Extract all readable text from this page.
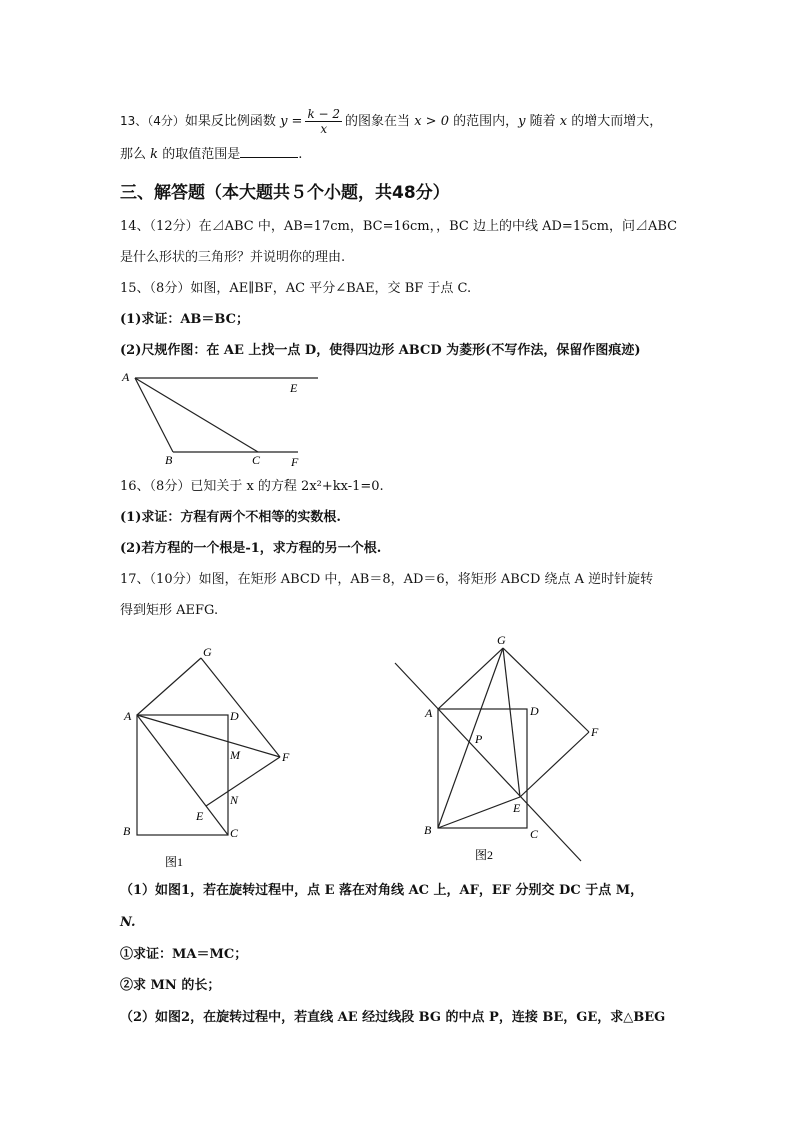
13、（4分）如果反比例函数 $y = \frac{k - 2}{x}$ 的图象在当 x > 0 的范围内，y 随着 x 的增大而增大，
那么 k 的取值范围是	.
三、解答题（本大题共５个小题，共48分）
14、（12分）在⊿ABC 中，AB=17cm，BC=16cm，，BC 边上的中线 AD=15cm，问⊿ABC
是什么形状的三角形？并说明你的理由.
15、（8分）如图，AE∥BF，AC 平分∠BAE，交 BF 于点 C.
(1)求证：AB＝BC；
(2)尺规作图：在 AE 上找一点 D，使得四边形 ABCD 为菱形(不写作法，保留作图痕迹)
A
E
B	C	F
16、（8分）已知关于 x 的方程 2x²+kx-1=0.
(1)求证：方程有两个不相等的实数根.
(2)若方程的一个根是-1，求方程的另一个根.
17、（10分）如图，在矩形 ABCD 中，AB＝8，AD＝6，将矩形 ABCD 绕点 A 逆时针旋转
得到矩形 AEFG.
G
A	D
M	F
N
E
B	C
图1
G
A	D
P	F
E
B	C
图2
（1）如图1，若在旋转过程中，点 E 落在对角线 AC 上，AF，EF 分别交 DC 于点 M，
N.
①求证：MA＝MC；
②求 MN 的长；
（2）如图2，在旋转过程中，若直线 AE 经过线段 BG 的中点 P，连接 BE，GE，求△BEG
